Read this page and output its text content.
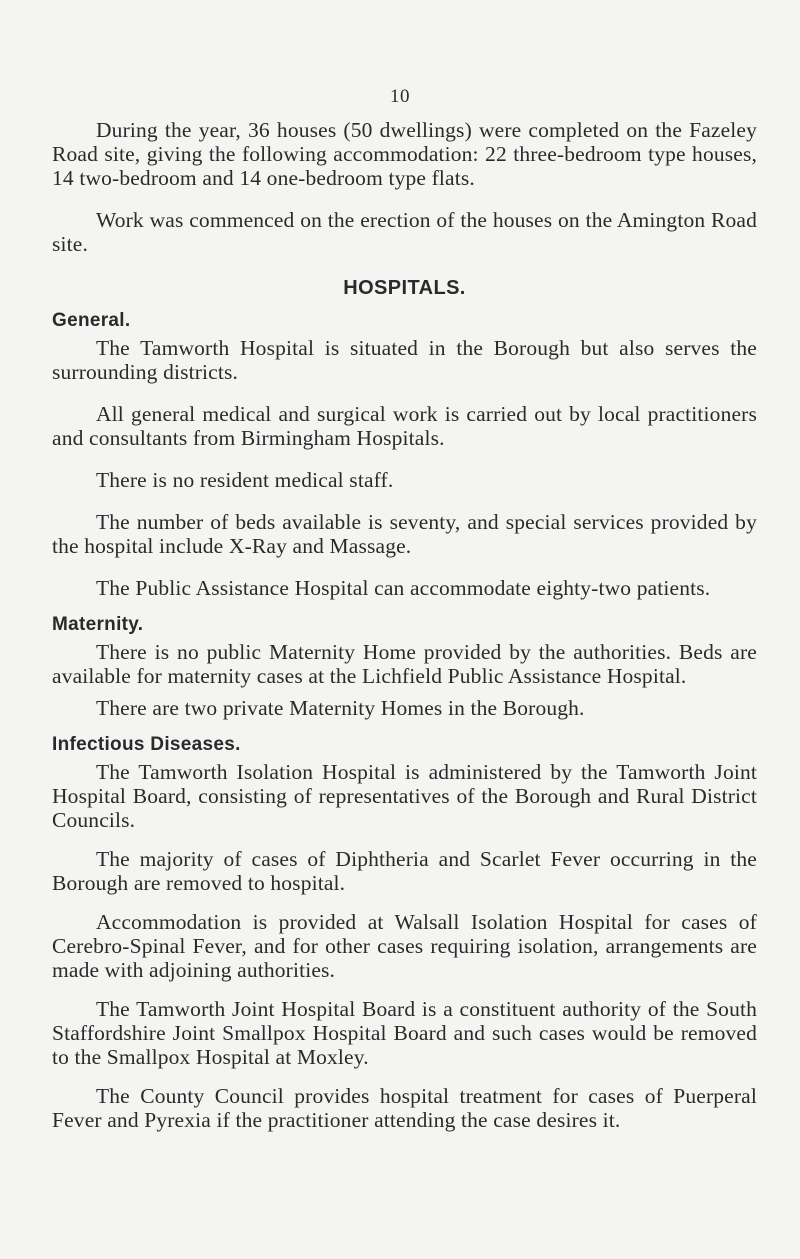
10

During the year, 36 houses (50 dwellings) were completed on the Fazeley Road site, giving the following accommodation: 22 three-bedroom type houses, 14 two-bedroom and 14 one-bedroom type flats.

Work was commenced on the erection of the houses on the Amington Road site.

HOSPITALS.
General.

The Tamworth Hospital is situated in the Borough but also serves the surrounding districts.

All general medical and surgical work is carried out by local practitioners and consultants from Birmingham Hospitals.

There is no resident medical staff.

The number of beds available is seventy, and special services provided by the hospital include X-Ray and Massage.

The Public Assistance Hospital can accommodate eighty-two patients.

Maternity.

There is no public Maternity Home provided by the authorities. Beds are available for maternity cases at the Lichfield Public Assistance Hospital.

There are two private Maternity Homes in the Borough.

Infectious Diseases.

The Tamworth Isolation Hospital is administered by the Tamworth Joint Hospital Board, consisting of representatives of the Borough and Rural District Councils.

The majority of cases of Diphtheria and Scarlet Fever occurring in the Borough are removed to hospital.

Accommodation is provided at Walsall Isolation Hospital for cases of Cerebro-Spinal Fever, and for other cases requiring isolation, arrangements are made with adjoining authorities.

The Tamworth Joint Hospital Board is a constituent authority of the South Staffordshire Joint Smallpox Hospital Board and such cases would be removed to the Smallpox Hospital at Moxley.

The County Council provides hospital treatment for cases of Puerperal Fever and Pyrexia if the practitioner attending the case desires it.
